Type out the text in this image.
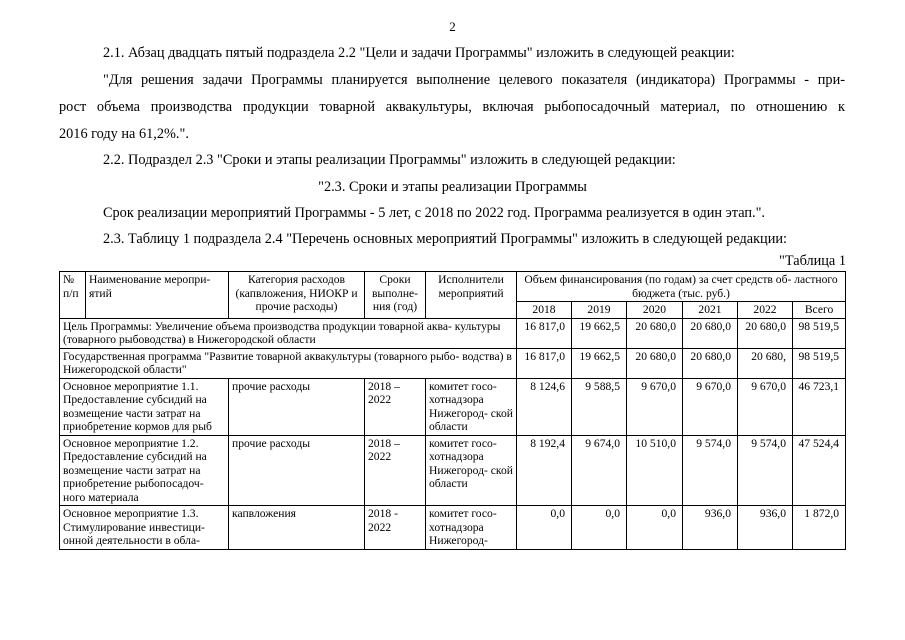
2
2.1. Абзац двадцать пятый подраздела 2.2 "Цели и задачи Программы" изложить в следующей реакции:
"Для решения задачи Программы планируется выполнение целевого показателя (индикатора) Программы - при-
рост объема производства продукции товарной аквакультуры, включая рыбопосадочный материал, по отношению к
2016 году на 61,2%.".
2.2. Подраздел 2.3 "Сроки и этапы реализации Программы" изложить в следующей редакции:
"2.3. Сроки и этапы реализации Программы
Срок реализации мероприятий Программы - 5 лет, с 2018 по 2022 год. Программа реализуется в один этап.".
2.3. Таблицу 1 подраздела 2.4 "Перечень основных мероприятий Программы" изложить в следующей редакции:
"Таблица 1
№ п/п	Наименование меропри- ятий	Категория расходов (капвложения, НИОКР и прочие расходы)	Сроки выполне- ния (год)	Исполнители мероприятий	Объем финансирования (по годам) за счет средств об- ластного бюджета (тыс. руб.)					
					2018	2019	2020	2021	2022	Всего
Цель Программы: Увеличение объема производства продукции товарной аква- культуры (товарного рыбоводства) в Нижегородской области					16 817,0	19 662,5	20 680,0	20 680,0	20 680,0	98 519,5
Государственная программа "Развитие товарной аквакультуры (товарного рыбо- водства) в Нижегородской области"					16 817,0	19 662,5	20 680,0	20 680,0	20 680,	98 519,5
Основное мероприятие 1.1. Предоставление субсидий на возмещение части затрат на приобретение кормов для рыб		прочие расходы	2018 – 2022	комитет госо- хотнадзора Нижегород- ской области	8 124,6	9 588,5	9 670,0	9 670,0	9 670,0	46 723,1
Основное мероприятие 1.2. Предоставление субсидий на возмещение части затрат на приобретение рыбопосадоч- ного материала		прочие расходы	2018 – 2022	комитет госо- хотнадзора Нижегород- ской области	8 192,4	9 674,0	10 510,0	9 574,0	9 574,0	47 524,4
Основное мероприятие 1.3. Стимулирование инвестици- онной деятельности в обла-		капвложения	2018 - 2022	комитет госо- хотнадзора Нижегород-	0,0	0,0	0,0	936,0	936,0	1 872,0
